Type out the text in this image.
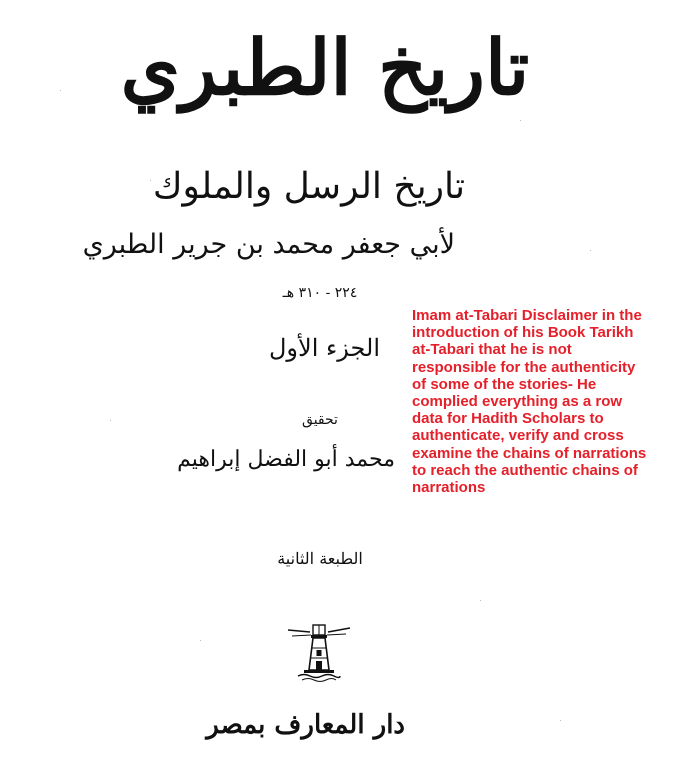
تاريخ الطبري
تاريخ الرسل والملوك
لأبي جعفر محمد بن جرير الطبري
٢٢٤ - ٣١٠ هـ
الجزء الأول
تحقيق
محمد أبو الفضل إبراهيم
الطبعة الثانية
دار المعارف بمصر
Imam at-Tabari Disclaimer in the introduction of his Book Tarikh at-Tabari that he is not responsible for the authenticity of some of the stories- He complied everything as a row data for Hadith Scholars to authenticate, verify and cross examine the chains of narrations to reach the authentic chains of narrations
